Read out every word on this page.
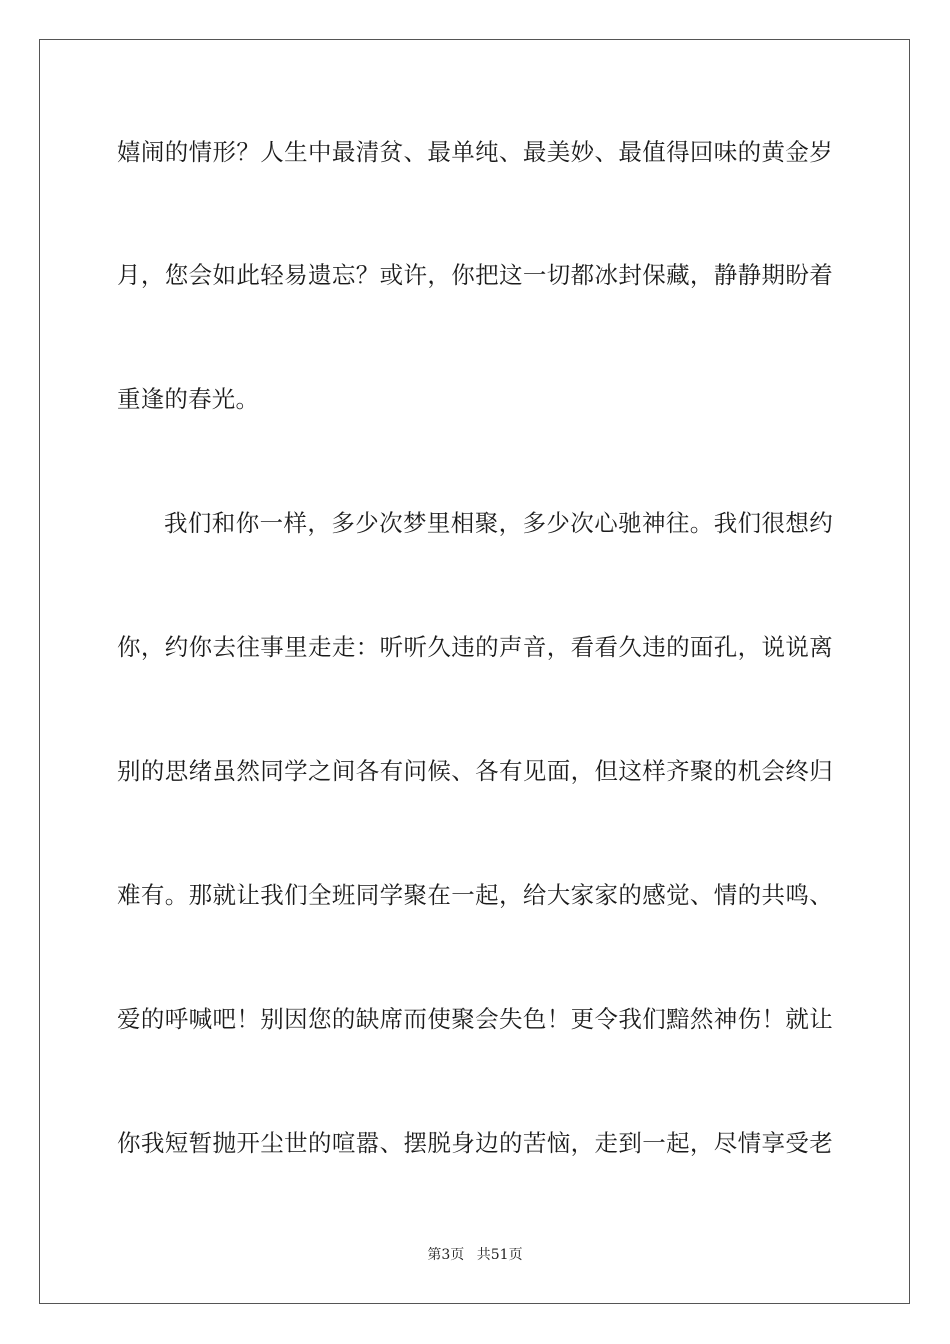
嬉闹的情形？人生中最清贫、最单纯、最美妙、最值得回味的黄金岁
月，您会如此轻易遗忘？或许，你把这一切都冰封保藏，静静期盼着
重逢的春光。
我们和你一样，多少次梦里相聚，多少次心驰神往。我们很想约
你，约你去往事里走走：听听久违的声音，看看久违的面孔，说说离
别的思绪虽然同学之间各有问候、各有见面，但这样齐聚的机会终归
难有。那就让我们全班同学聚在一起，给大家家的感觉、情的共鸣、
爱的呼喊吧！别因您的缺席而使聚会失色！更令我们黯然神伤！就让
你我短暂抛开尘世的喧嚣、摆脱身边的苦恼，走到一起，尽情享受老
第3页 共51页
